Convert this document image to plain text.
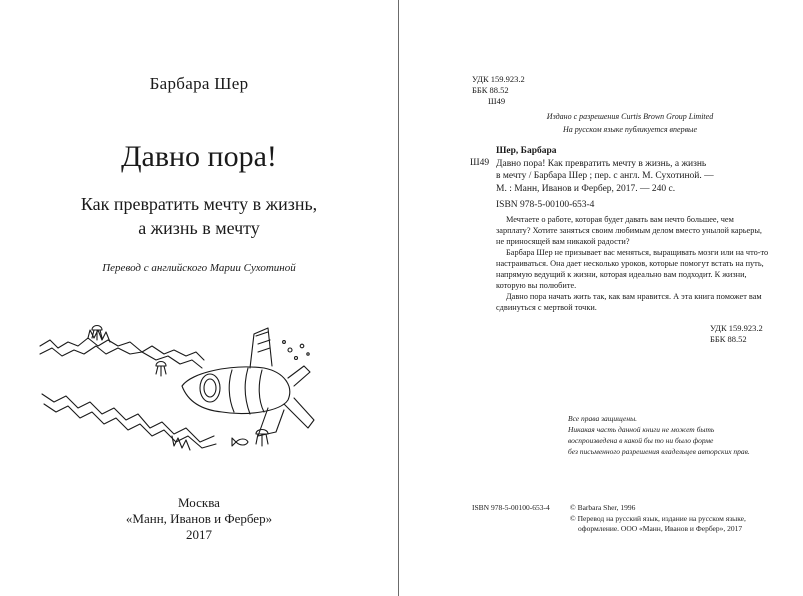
Барбара Шер
Давно пора!
Как превратить мечту в жизнь,
а жизнь в мечту
Перевод с английского Марии Сухотиной
Москва
«Манн, Иванов и Фербер»
2017
УДК 159.923.2
ББК 88.52
Ш49
Издано с разрешения Curtis Brown Group Limited
На русском языке публикуется впервые
Ш49
Шер, Барбара
Давно пора! Как превратить мечту в жизнь, а жизнь
в мечту / Барбара Шер ; пер. с англ. М. Сухотиной. —
М. : Манн, Иванов и Фербер, 2017. — 240 с.
ISBN 978-5-00100-653-4

Мечтаете о работе, которая будет давать вам нечто большее, чем зарплату? Хотите заняться своим любимым делом вместо унылой карьеры, не приносящей вам никакой радости?

Барбара Шер не призывает вас меняться, выращивать мозги или на что-то настраиваться. Она дает несколько уроков, которые помогут встать на путь, напрямую ведущий к жизни, которая идеально вам подходит. К жизни, которую вы полюбите.

Давно пора начать жить так, как вам нравится. А эта книга поможет вам сдвинуться с мертвой точки.

УДК 159.923.2
ББК 88.52
Все права защищены.
Никакая часть данной книги не может быть
воспроизведена в какой бы то ни было форме
без письменного разрешения владельцев авторских прав.
ISBN 978-5-00100-653-4	© Barbara Sher, 1996
© Перевод на русский язык, издание на русском языке,
оформление. ООО «Манн, Иванов и Фербер», 2017
